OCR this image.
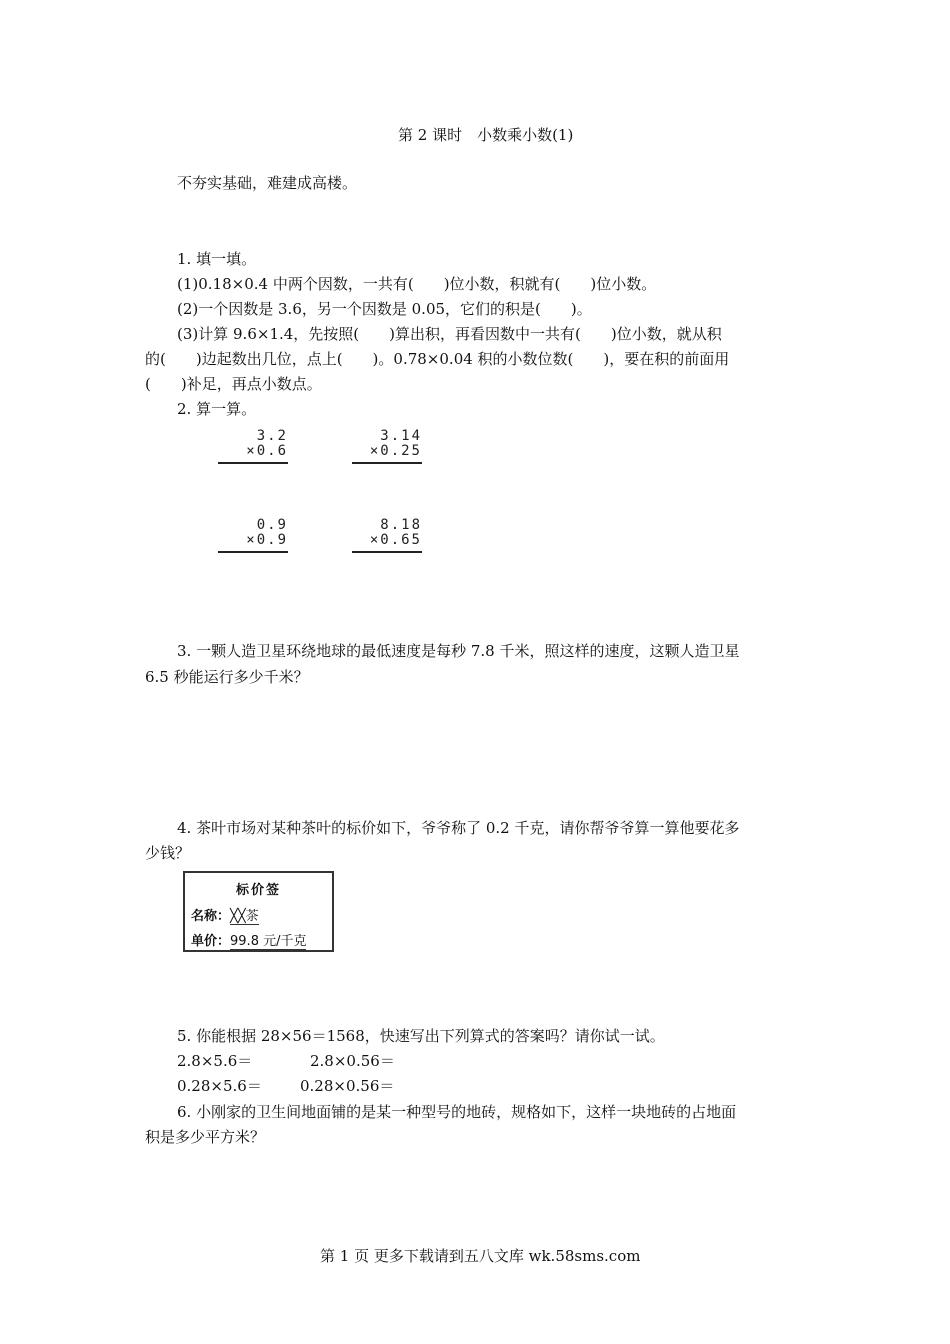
第 2 课时　小数乘小数(1)
不夯实基础，难建成高楼。
1. 填一填。
(1)0.18×0.4 中两个因数，一共有(　　)位小数，积就有(　　)位小数。
(2)一个因数是 3.6，另一个因数是 0.05，它们的积是(　　)。
(3)计算 9.6×1.4，先按照(　　)算出积，再看因数中一共有(　　)位小数，就从积
的(　　)边起数出几位，点上(　　)。0.78×0.04 积的小数位数(　　)，要在积的前面用
(　　)补足，再点小数点。
2. 算一算。
3.2
×0.6
3.14
×0.25
0.9
×0.9
8.18
×0.65
3. 一颗人造卫星环绕地球的最低速度是每秒 7.8 千米，照这样的速度，这颗人造卫星
6.5 秒能运行多少千米？
4. 茶叶市场对某种茶叶的标价如下，爷爷称了 0.2 千克，请你帮爷爷算一算他要花多
少钱？
标价签
名称：╳╳茶
单价：99.8 元/千克
5. 你能根据 28×56＝1568，快速写出下列算式的答案吗？请你试一试。
2.8×5.6＝	2.8×0.56＝
0.28×5.6＝	0.28×0.56＝
6. 小刚家的卫生间地面铺的是某一种型号的地砖，规格如下，这样一块地砖的占地面
积是多少平方米？
第 1 页 更多下载请到五八文库 wk.58sms.com
